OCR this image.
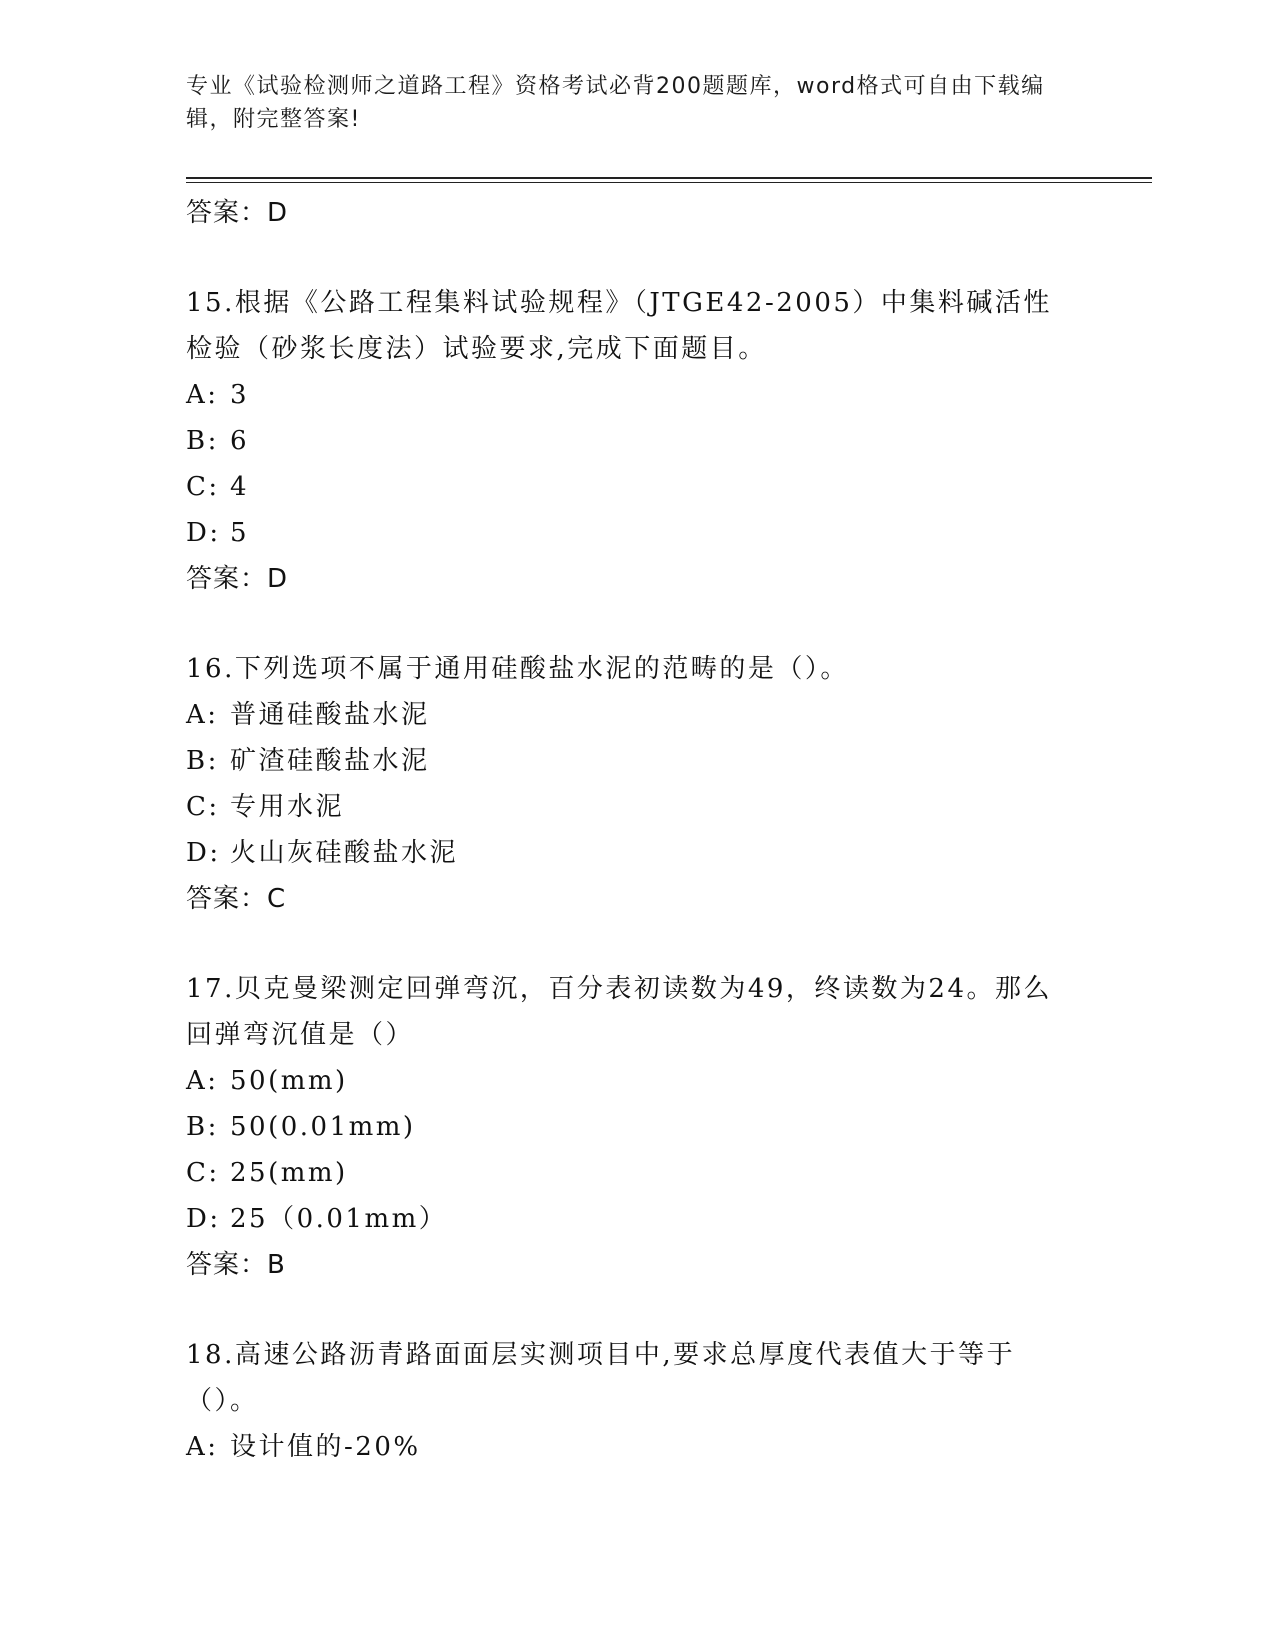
专业《试验检测师之道路工程》资格考试必背200题题库，word格式可自由下载编辑，附完整答案!
答案：D
15.根据《公路工程集料试验规程》（JTGE42-2005）中集料碱活性检验（砂浆长度法）试验要求,完成下面题目。
A: 3
B: 6
C: 4
D: 5
答案：D
16.下列选项不属于通用硅酸盐水泥的范畴的是（）。
A: 普通硅酸盐水泥
B: 矿渣硅酸盐水泥
C: 专用水泥
D: 火山灰硅酸盐水泥
答案：C
17.贝克曼梁测定回弹弯沉，百分表初读数为49，终读数为24。那么回弹弯沉值是（）
A: 50(mm)
B: 50(0.01mm)
C: 25(mm)
D: 25（0.01mm）
答案：B
18.高速公路沥青路面面层实测项目中,要求总厚度代表值大于等于（）。
A: 设计值的-20%
